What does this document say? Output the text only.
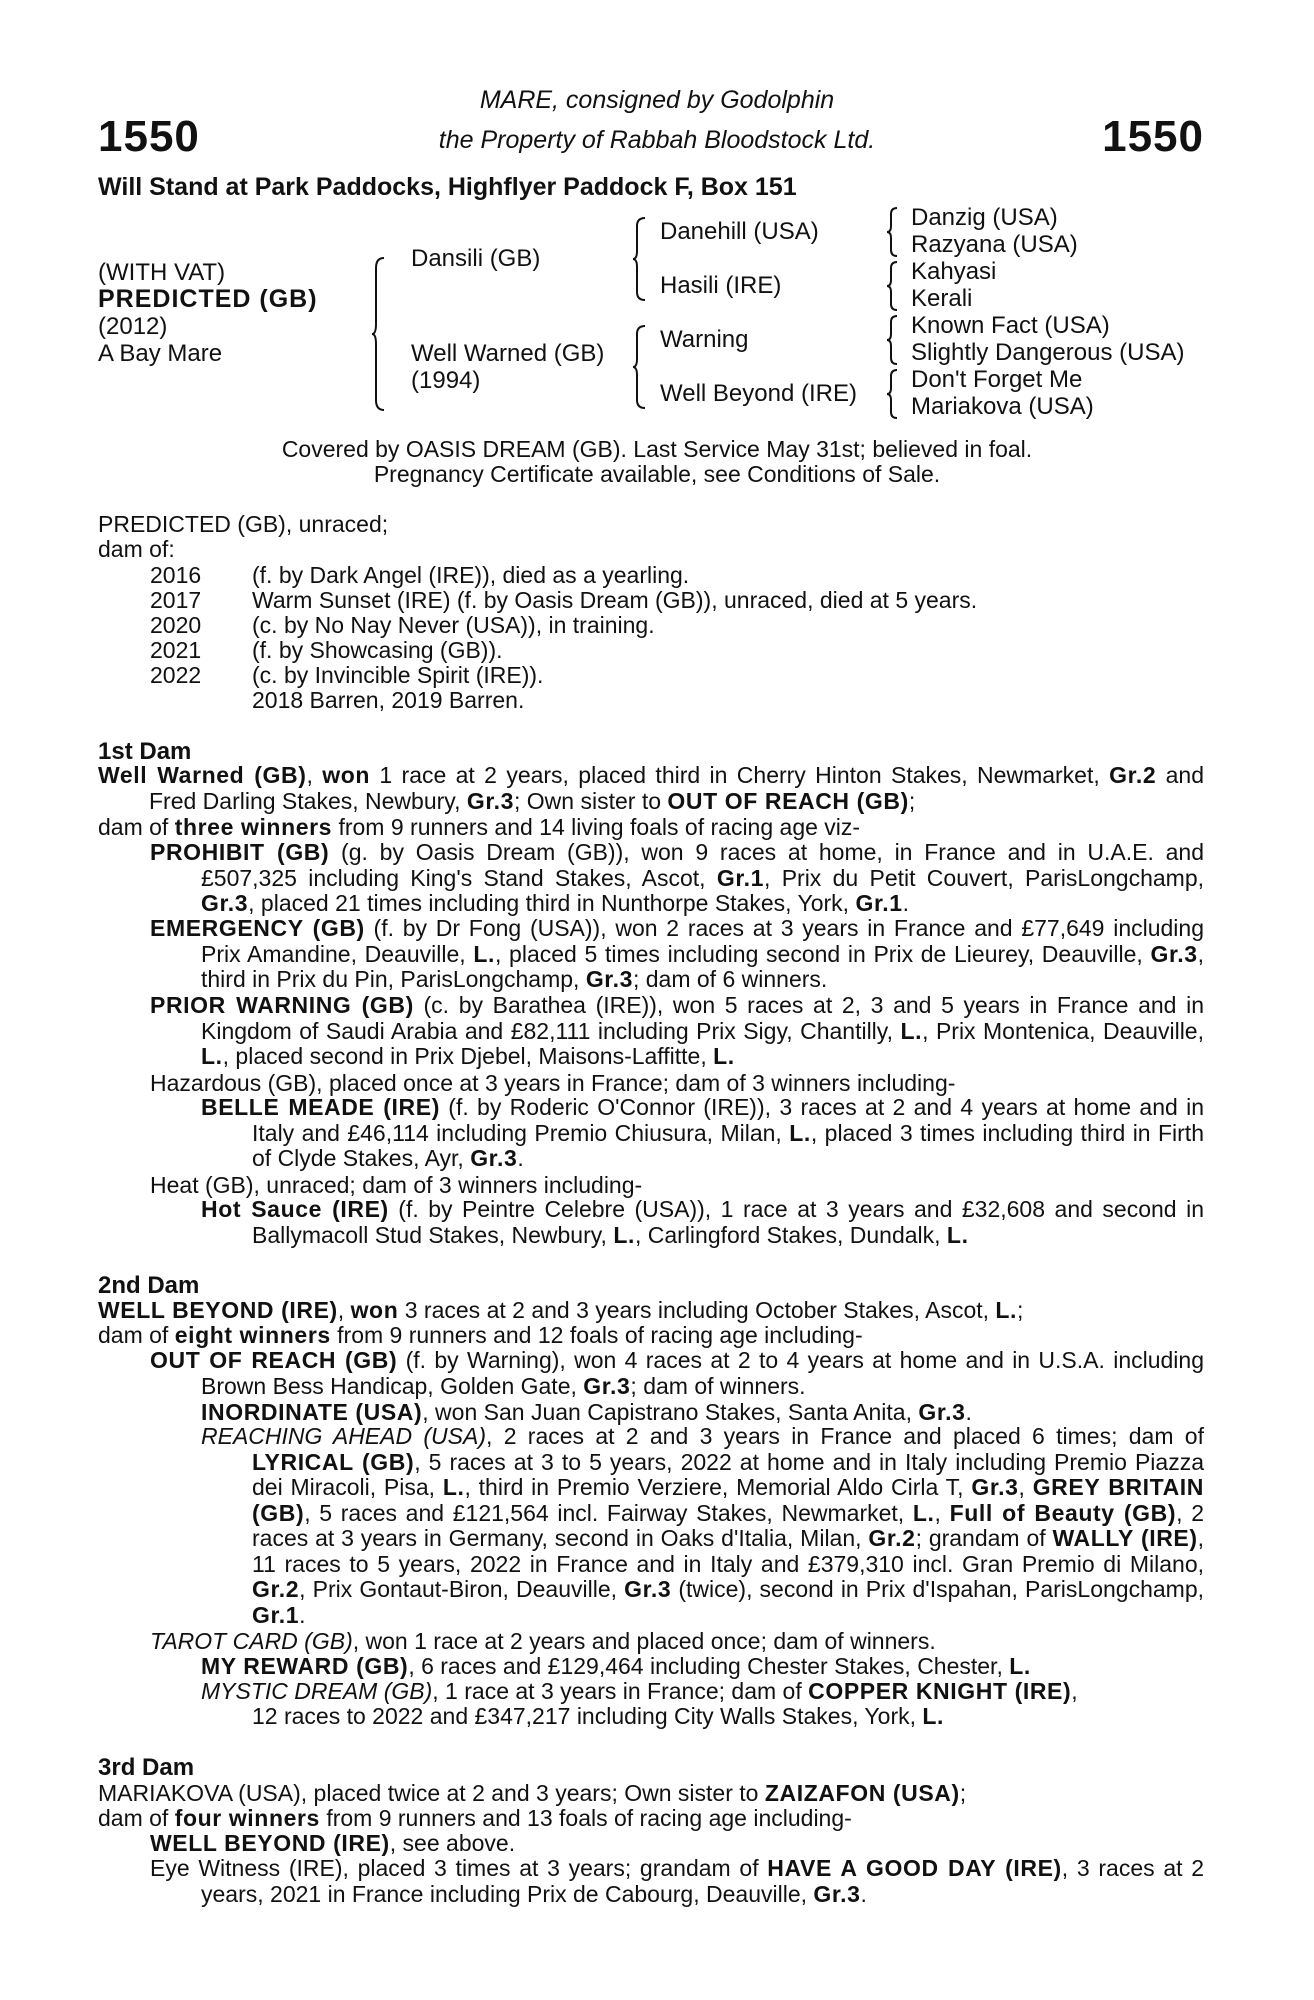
1550	1550
MARE, consigned by Godolphin
the Property of Rabbah Bloodstock Ltd.
Will Stand at Park Paddocks, Highflyer Paddock F, Box 151
(WITH VAT)
PREDICTED (GB)
(2012)
A Bay Mare
Dansili (GB)
Well Warned (GB)
(1994)
Danehill (USA)
Hasili (IRE)
Warning
Well Beyond (IRE)
Danzig (USA)
Razyana (USA)
Kahyasi
Kerali
Known Fact (USA)
Slightly Dangerous (USA)
Don't Forget Me
Mariakova (USA)
Covered by OASIS DREAM (GB). Last Service May 31st; believed in foal.
Pregnancy Certificate available, see Conditions of Sale.
PREDICTED (GB), unraced;
dam of:
2016 (f. by Dark Angel (IRE)), died as a yearling.
2017 Warm Sunset (IRE) (f. by Oasis Dream (GB)), unraced, died at 5 years.
2020 (c. by No Nay Never (USA)), in training.
2021 (f. by Showcasing (GB)).
2022 (c. by Invincible Spirit (IRE)).
2018 Barren, 2019 Barren.
1st Dam
Well Warned (GB), won 1 race at 2 years, placed third in Cherry Hinton Stakes, Newmarket, Gr.2 and Fred Darling Stakes, Newbury, Gr.3; Own sister to OUT OF REACH (GB);
dam of three winners from 9 runners and 14 living foals of racing age viz-
PROHIBIT (GB) (g. by Oasis Dream (GB)), won 9 races at home, in France and in U.A.E. and £507,325 including King's Stand Stakes, Ascot, Gr.1, Prix du Petit Couvert, ParisLongchamp, Gr.3, placed 21 times including third in Nunthorpe Stakes, York, Gr.1.
EMERGENCY (GB) (f. by Dr Fong (USA)), won 2 races at 3 years in France and £77,649 including Prix Amandine, Deauville, L., placed 5 times including second in Prix de Lieurey, Deauville, Gr.3, third in Prix du Pin, ParisLongchamp, Gr.3; dam of 6 winners.
PRIOR WARNING (GB) (c. by Barathea (IRE)), won 5 races at 2, 3 and 5 years in France and in Kingdom of Saudi Arabia and £82,111 including Prix Sigy, Chantilly, L., Prix Montenica, Deauville, L., placed second in Prix Djebel, Maisons-Laffitte, L.
Hazardous (GB), placed once at 3 years in France; dam of 3 winners including-
BELLE MEADE (IRE) (f. by Roderic O'Connor (IRE)), 3 races at 2 and 4 years at home and in Italy and £46,114 including Premio Chiusura, Milan, L., placed 3 times including third in Firth of Clyde Stakes, Ayr, Gr.3.
Heat (GB), unraced; dam of 3 winners including-
Hot Sauce (IRE) (f. by Peintre Celebre (USA)), 1 race at 3 years and £32,608 and second in Ballymacoll Stud Stakes, Newbury, L., Carlingford Stakes, Dundalk, L.
2nd Dam
WELL BEYOND (IRE), won 3 races at 2 and 3 years including October Stakes, Ascot, L.;
dam of eight winners from 9 runners and 12 foals of racing age including-
OUT OF REACH (GB) (f. by Warning), won 4 races at 2 to 4 years at home and in U.S.A. including Brown Bess Handicap, Golden Gate, Gr.3; dam of winners.
INORDINATE (USA), won San Juan Capistrano Stakes, Santa Anita, Gr.3.
REACHING AHEAD (USA), 2 races at 2 and 3 years in France and placed 6 times; dam of LYRICAL (GB), 5 races at 3 to 5 years, 2022 at home and in Italy including Premio Piazza dei Miracoli, Pisa, L., third in Premio Verziere, Memorial Aldo Cirla T, Gr.3, GREY BRITAIN (GB), 5 races and £121,564 incl. Fairway Stakes, Newmarket, L., Full of Beauty (GB), 2 races at 3 years in Germany, second in Oaks d'Italia, Milan, Gr.2; grandam of WALLY (IRE), 11 races to 5 years, 2022 in France and in Italy and £379,310 incl. Gran Premio di Milano, Gr.2, Prix Gontaut-Biron, Deauville, Gr.3 (twice), second in Prix d'Ispahan, ParisLongchamp, Gr.1.
TAROT CARD (GB), won 1 race at 2 years and placed once; dam of winners.
MY REWARD (GB), 6 races and £129,464 including Chester Stakes, Chester, L.
MYSTIC DREAM (GB), 1 race at 3 years in France; dam of COPPER KNIGHT (IRE),
12 races to 2022 and £347,217 including City Walls Stakes, York, L.
3rd Dam
MARIAKOVA (USA), placed twice at 2 and 3 years; Own sister to ZAIZAFON (USA);
dam of four winners from 9 runners and 13 foals of racing age including-
WELL BEYOND (IRE), see above.
Eye Witness (IRE), placed 3 times at 3 years; grandam of HAVE A GOOD DAY (IRE), 3 races at 2 years, 2021 in France including Prix de Cabourg, Deauville, Gr.3.
